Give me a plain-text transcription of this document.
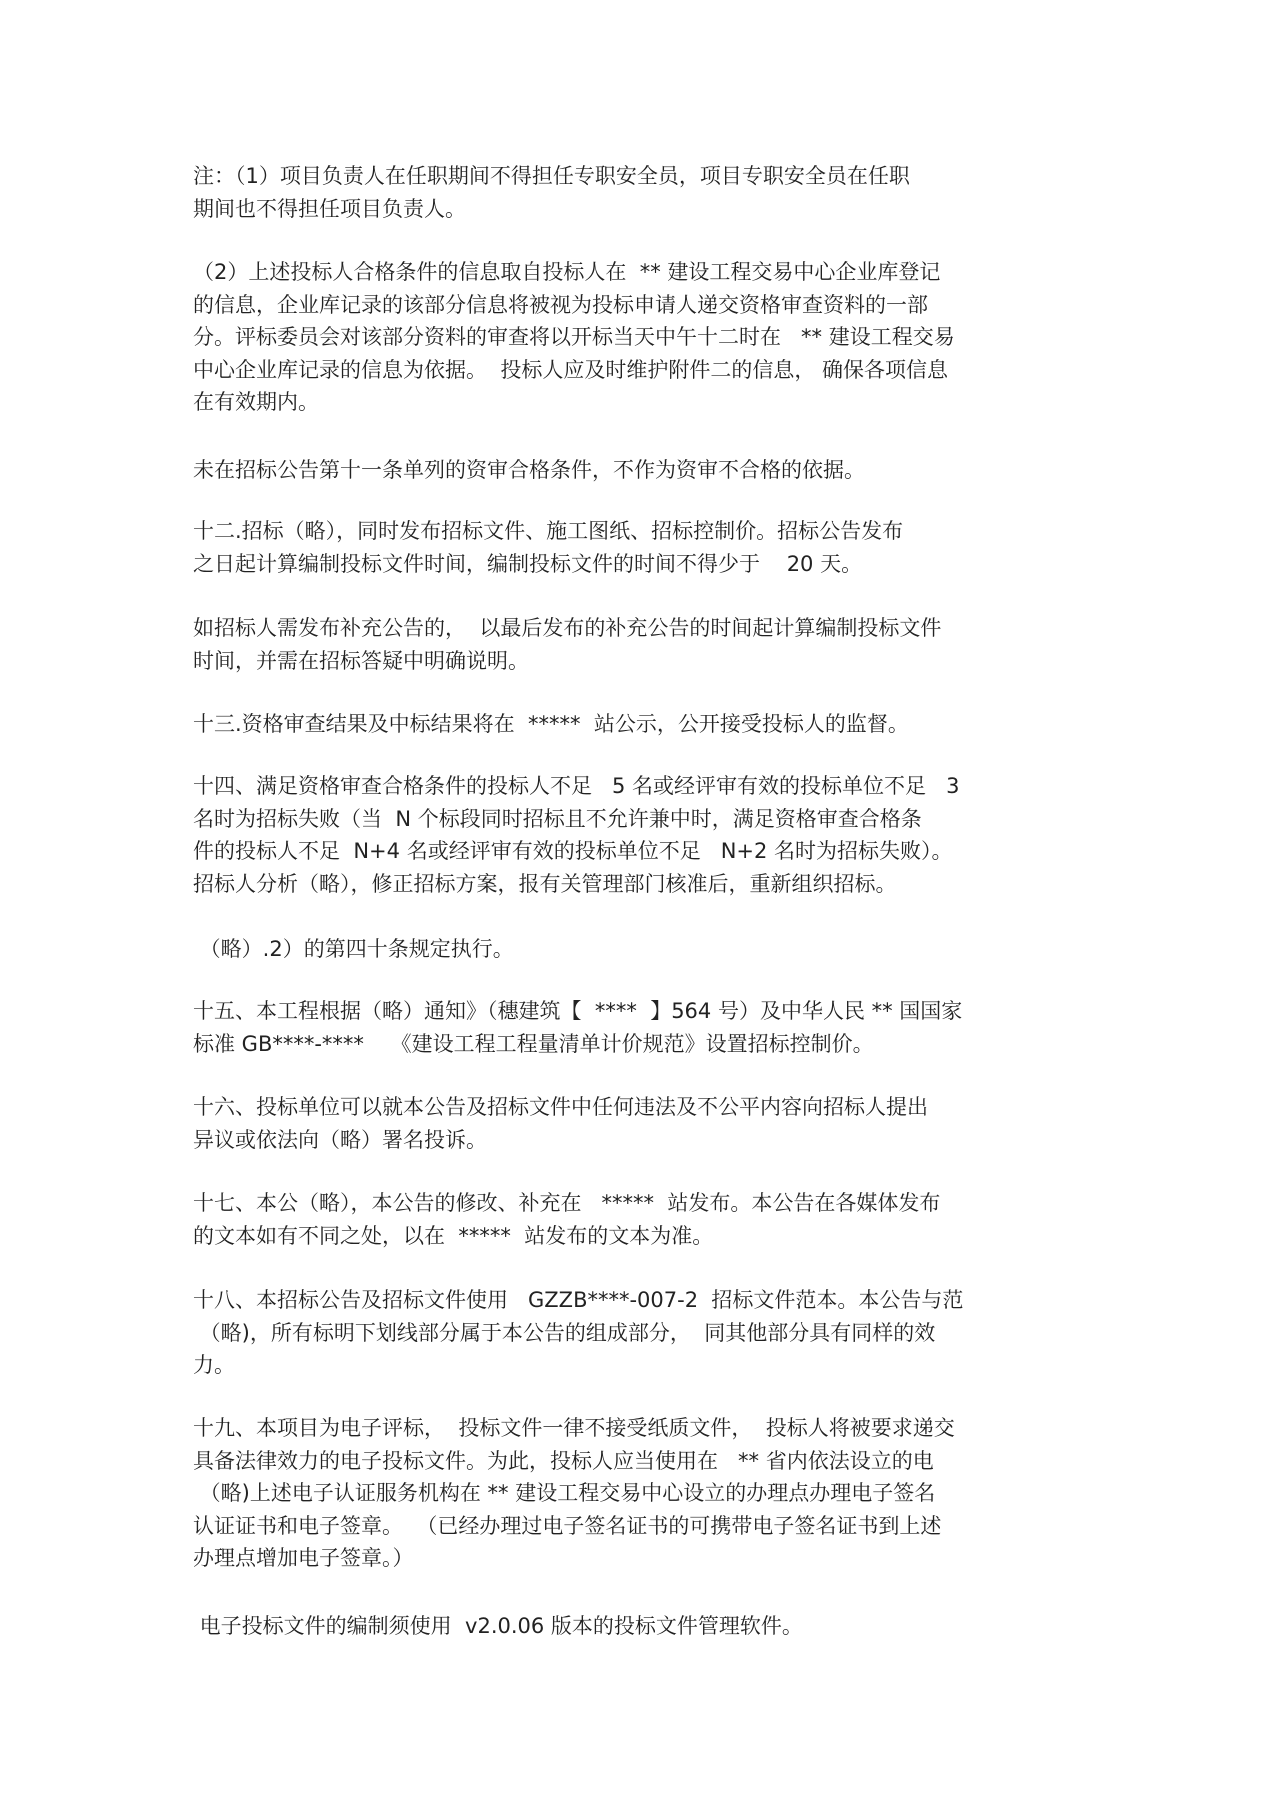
注：（1）项目负责人在任职期间不得担任专职安全员，项目专职安全员在任职
期间也不得担任项目负责人。
（2）上述投标人合格条件的信息取自投标人在  ** 建设工程交易中心企业库登记
的信息，企业库记录的该部分信息将被视为投标申请人递交资格审查资料的一部
分。评标委员会对该部分资料的审查将以开标当天中午十二时在   ** 建设工程交易
中心企业库记录的信息为依据。  投标人应及时维护附件二的信息， 确保各项信息
在有效期内。
未在招标公告第十一条单列的资审合格条件，不作为资审不合格的依据。
十二.招标（略），同时发布招标文件、施工图纸、招标控制价。招标公告发布
之日起计算编制投标文件时间，编制投标文件的时间不得少于    20 天。
如招标人需发布补充公告的，  以最后发布的补充公告的时间起计算编制投标文件
时间，并需在招标答疑中明确说明。
十三.资格审查结果及中标结果将在  *****  站公示，公开接受投标人的监督。
十四、满足资格审查合格条件的投标人不足   5 名或经评审有效的投标单位不足   3
名时为招标失败（当  N 个标段同时招标且不允许兼中时，满足资格审查合格条
件的投标人不足  N+4 名或经评审有效的投标单位不足   N+2 名时为招标失败）。
招标人分析（略），修正招标方案，报有关管理部门核准后，重新组织招标。
（略）.2）的第四十条规定执行。
十五、本工程根据（略）通知》（穗建筑【  ****  】564 号）及中华人民 ** 国国家
标准 GB****-****    《建设工程工程量清单计价规范》设置招标控制价。
十六、投标单位可以就本公告及招标文件中任何违法及不公平内容向招标人提出
异议或依法向（略）署名投诉。
十七、本公（略），本公告的修改、补充在   *****  站发布。本公告在各媒体发布
的文本如有不同之处，以在  *****  站发布的文本为准。
十八、本招标公告及招标文件使用   GZZB****-007-2  招标文件范本。本公告与范
（略)，所有标明下划线部分属于本公告的组成部分，  同其他部分具有同样的效
力。
十九、本项目为电子评标，  投标文件一律不接受纸质文件，  投标人将被要求递交
具备法律效力的电子投标文件。为此，投标人应当使用在   ** 省内依法设立的电
（略)上述电子认证服务机构在 ** 建设工程交易中心设立的办理点办理电子签名
认证证书和电子签章。  （已经办理过电子签名证书的可携带电子签名证书到上述
办理点增加电子签章。）
电子投标文件的编制须使用  v2.0.06 版本的投标文件管理软件。
